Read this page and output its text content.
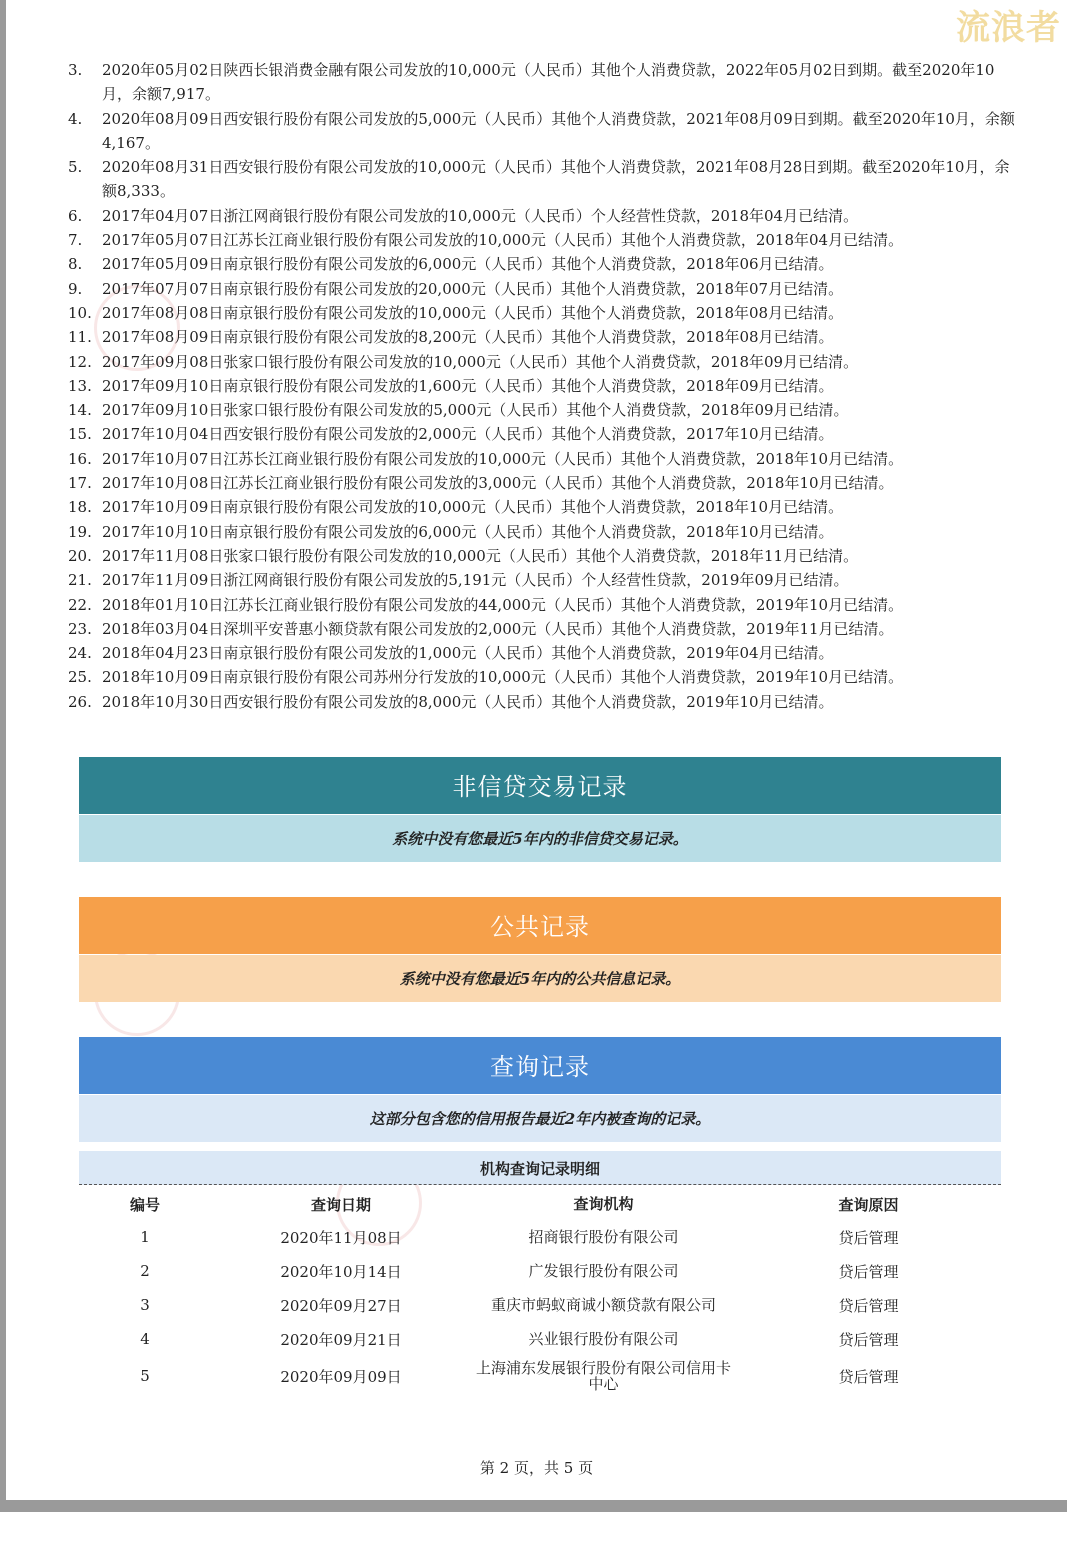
3.	2020年05月02日陕西长银消费金融有限公司发放的10,000元（人民币）其他个人消费贷款，2022年05月02日到期。截至2020年10月，余额7,917。
4.	2020年08月09日西安银行股份有限公司发放的5,000元（人民币）其他个人消费贷款，2021年08月09日到期。截至2020年10月，余额4,167。
5.	2020年08月31日西安银行股份有限公司发放的10,000元（人民币）其他个人消费贷款，2021年08月28日到期。截至2020年10月，余额8,333。
6.	2017年04月07日浙江网商银行股份有限公司发放的10,000元（人民币）个人经营性贷款，2018年04月已结清。
7.	2017年05月07日江苏长江商业银行股份有限公司发放的10,000元（人民币）其他个人消费贷款，2018年04月已结清。
8.	2017年05月09日南京银行股份有限公司发放的6,000元（人民币）其他个人消费贷款，2018年06月已结清。
9.	2017年07月07日南京银行股份有限公司发放的20,000元（人民币）其他个人消费贷款，2018年07月已结清。
10. 2017年08月08日南京银行股份有限公司发放的10,000元（人民币）其他个人消费贷款，2018年08月已结清。
11. 2017年08月09日南京银行股份有限公司发放的8,200元（人民币）其他个人消费贷款，2018年08月已结清。
12. 2017年09月08日张家口银行股份有限公司发放的10,000元（人民币）其他个人消费贷款，2018年09月已结清。
13. 2017年09月10日南京银行股份有限公司发放的1,600元（人民币）其他个人消费贷款，2018年09月已结清。
14. 2017年09月10日张家口银行股份有限公司发放的5,000元（人民币）其他个人消费贷款，2018年09月已结清。
15. 2017年10月04日西安银行股份有限公司发放的2,000元（人民币）其他个人消费贷款，2017年10月已结清。
16. 2017年10月07日江苏长江商业银行股份有限公司发放的10,000元（人民币）其他个人消费贷款，2018年10月已结清。
17. 2017年10月08日江苏长江商业银行股份有限公司发放的3,000元（人民币）其他个人消费贷款，2018年10月已结清。
18. 2017年10月09日南京银行股份有限公司发放的10,000元（人民币）其他个人消费贷款，2018年10月已结清。
19. 2017年10月10日南京银行股份有限公司发放的6,000元（人民币）其他个人消费贷款，2018年10月已结清。
20. 2017年11月08日张家口银行股份有限公司发放的10,000元（人民币）其他个人消费贷款，2018年11月已结清。
21. 2017年11月09日浙江网商银行股份有限公司发放的5,191元（人民币）个人经营性贷款，2019年09月已结清。
22. 2018年01月10日江苏长江商业银行股份有限公司发放的44,000元（人民币）其他个人消费贷款，2019年10月已结清。
23. 2018年03月04日深圳平安普惠小额贷款有限公司发放的2,000元（人民币）其他个人消费贷款，2019年11月已结清。
24. 2018年04月23日南京银行股份有限公司发放的1,000元（人民币）其他个人消费贷款，2019年04月已结清。
25. 2018年10月09日南京银行股份有限公司苏州分行发放的10,000元（人民币）其他个人消费贷款，2019年10月已结清。
26. 2018年10月30日西安银行股份有限公司发放的8,000元（人民币）其他个人消费贷款，2019年10月已结清。
非信贷交易记录
系统中没有您最近5年内的非信贷交易记录。
公共记录
系统中没有您最近5年内的公共信息记录。
查询记录
这部分包含您的信用报告最近2年内被查询的记录。
机构查询记录明细
编号	查询日期	查询机构	查询原因
1	2020年11月08日	招商银行股份有限公司	贷后管理
2	2020年10月14日	广发银行股份有限公司	贷后管理
3	2020年09月27日	重庆市蚂蚁商诚小额贷款有限公司	贷后管理
4	2020年09月21日	兴业银行股份有限公司	贷后管理
5	2020年09月09日	上海浦东发展银行股份有限公司信用卡中心	贷后管理
第 2 页，共 5 页
流浪者
